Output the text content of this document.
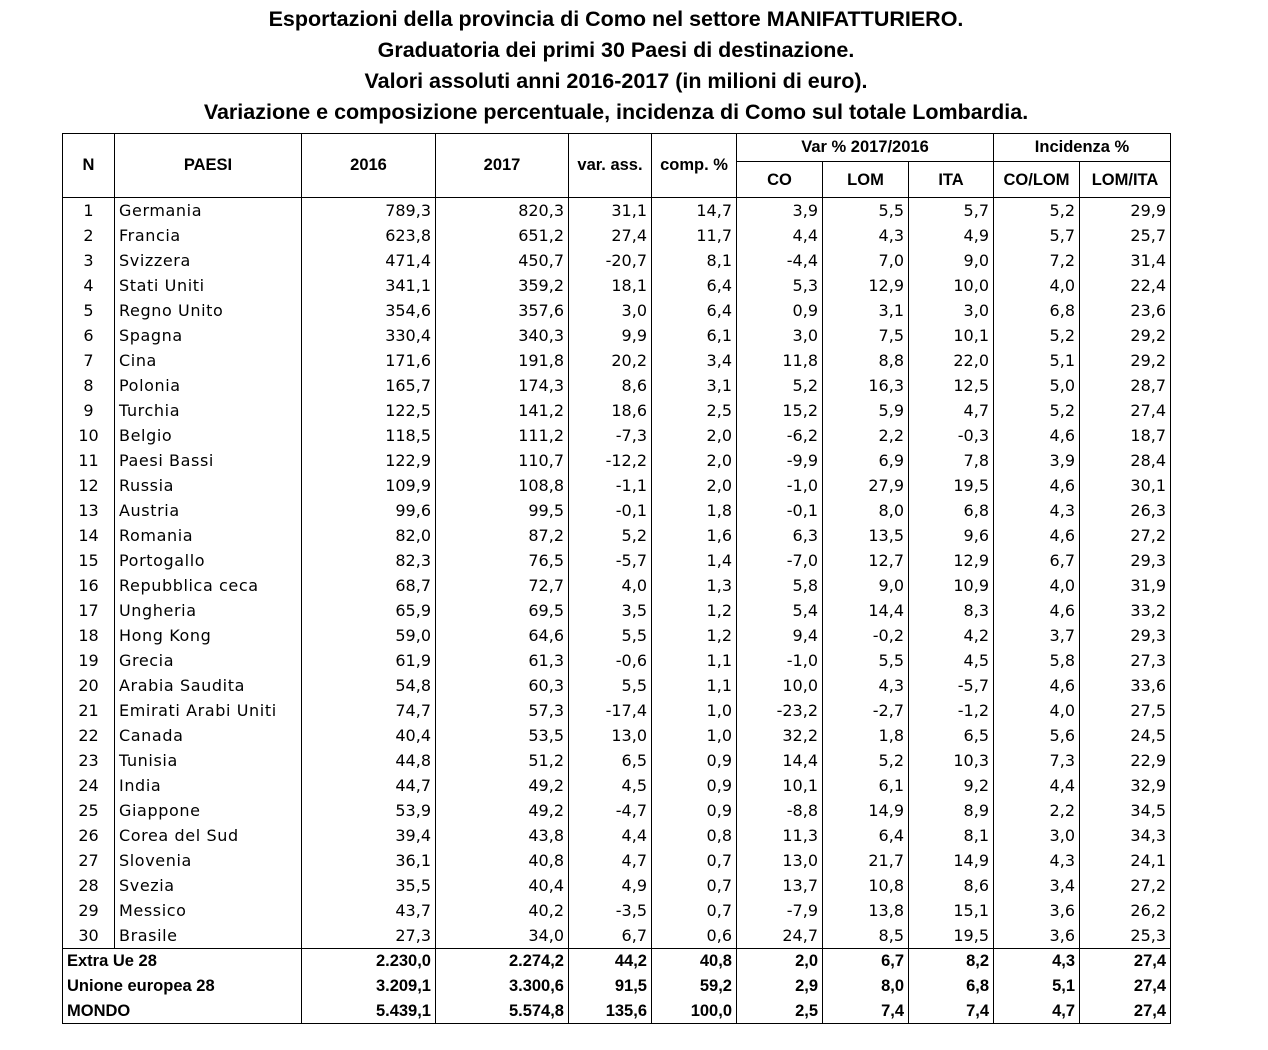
Esportazioni della provincia di Como nel settore MANIFATTURIERO.
Graduatoria dei primi 30 Paesi di destinazione.
Valori assoluti anni 2016-2017 (in milioni di euro).
Variazione e composizione percentuale, incidenza di Como sul totale Lombardia.
N	PAESI	2016	2017	var. ass.	comp. %	Var % 2017/2016			Incidenza %	
						CO	LOM	ITA	CO/LOM	LOM/ITA
1	Germania	789,3	820,3	31,1	14,7	3,9	5,5	5,7	5,2	29,9
2	Francia	623,8	651,2	27,4	11,7	4,4	4,3	4,9	5,7	25,7
3	Svizzera	471,4	450,7	-20,7	8,1	-4,4	7,0	9,0	7,2	31,4
4	Stati Uniti	341,1	359,2	18,1	6,4	5,3	12,9	10,0	4,0	22,4
5	Regno Unito	354,6	357,6	3,0	6,4	0,9	3,1	3,0	6,8	23,6
6	Spagna	330,4	340,3	9,9	6,1	3,0	7,5	10,1	5,2	29,2
7	Cina	171,6	191,8	20,2	3,4	11,8	8,8	22,0	5,1	29,2
8	Polonia	165,7	174,3	8,6	3,1	5,2	16,3	12,5	5,0	28,7
9	Turchia	122,5	141,2	18,6	2,5	15,2	5,9	4,7	5,2	27,4
10	Belgio	118,5	111,2	-7,3	2,0	-6,2	2,2	-0,3	4,6	18,7
11	Paesi Bassi	122,9	110,7	-12,2	2,0	-9,9	6,9	7,8	3,9	28,4
12	Russia	109,9	108,8	-1,1	2,0	-1,0	27,9	19,5	4,6	30,1
13	Austria	99,6	99,5	-0,1	1,8	-0,1	8,0	6,8	4,3	26,3
14	Romania	82,0	87,2	5,2	1,6	6,3	13,5	9,6	4,6	27,2
15	Portogallo	82,3	76,5	-5,7	1,4	-7,0	12,7	12,9	6,7	29,3
16	Repubblica ceca	68,7	72,7	4,0	1,3	5,8	9,0	10,9	4,0	31,9
17	Ungheria	65,9	69,5	3,5	1,2	5,4	14,4	8,3	4,6	33,2
18	Hong Kong	59,0	64,6	5,5	1,2	9,4	-0,2	4,2	3,7	29,3
19	Grecia	61,9	61,3	-0,6	1,1	-1,0	5,5	4,5	5,8	27,3
20	Arabia Saudita	54,8	60,3	5,5	1,1	10,0	4,3	-5,7	4,6	33,6
21	Emirati Arabi Uniti	74,7	57,3	-17,4	1,0	-23,2	-2,7	-1,2	4,0	27,5
22	Canada	40,4	53,5	13,0	1,0	32,2	1,8	6,5	5,6	24,5
23	Tunisia	44,8	51,2	6,5	0,9	14,4	5,2	10,3	7,3	22,9
24	India	44,7	49,2	4,5	0,9	10,1	6,1	9,2	4,4	32,9
25	Giappone	53,9	49,2	-4,7	0,9	-8,8	14,9	8,9	2,2	34,5
26	Corea del Sud	39,4	43,8	4,4	0,8	11,3	6,4	8,1	3,0	34,3
27	Slovenia	36,1	40,8	4,7	0,7	13,0	21,7	14,9	4,3	24,1
28	Svezia	35,5	40,4	4,9	0,7	13,7	10,8	8,6	3,4	27,2
29	Messico	43,7	40,2	-3,5	0,7	-7,9	13,8	15,1	3,6	26,2
30	Brasile	27,3	34,0	6,7	0,6	24,7	8,5	19,5	3,6	25,3
Extra Ue 28		2.230,0	2.274,2	44,2	40,8	2,0	6,7	8,2	4,3	27,4
Unione europea 28		3.209,1	3.300,6	91,5	59,2	2,9	8,0	6,8	5,1	27,4
MONDO		5.439,1	5.574,8	135,6	100,0	2,5	7,4	7,4	4,7	27,4
